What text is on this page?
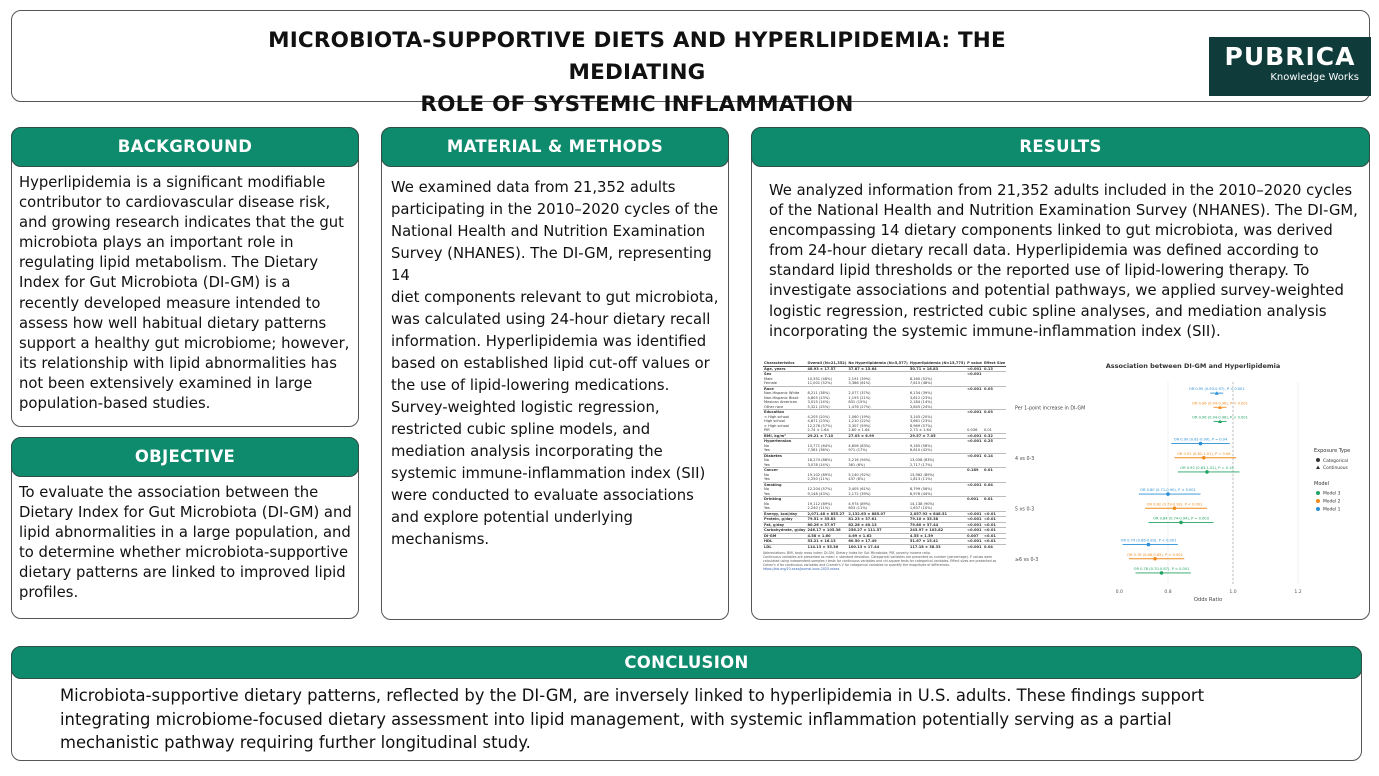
MICROBIOTA-SUPPORTIVE DIETS AND HYPERLIPIDEMIA: THE MEDIATING
ROLE OF SYSTEMIC INFLAMMATION
PUBRICA
Knowledge Works
BACKGROUND
Hyperlipidemia is a significant modifiable
contributor to cardiovascular disease risk,
and growing research indicates that the gut
microbiota plays an important role in
regulating lipid metabolism. The Dietary
Index for Gut Microbiota (DI-GM) is a
recently developed measure intended to
assess how well habitual dietary patterns
support a healthy gut microbiome; however,
its relationship with lipid abnormalities has
not been extensively examined in large
population-based studies.
OBJECTIVE
To evaluate the association between the
Dietary Index for Gut Microbiota (DI-GM) and
lipid abnormalities in a large population, and
to determine whether microbiota-supportive
dietary patterns are linked to improved lipid
profiles.
MATERIAL & METHODS
We examined data from 21,352 adults
participating in the 2010–2020 cycles of the
National Health and Nutrition Examination
Survey (NHANES). The DI-GM, representing 14
diet components relevant to gut microbiota,
was calculated using 24-hour dietary recall
information. Hyperlipidemia was identified
based on established lipid cut-off values or
the use of lipid-lowering medications.
Survey-weighted logistic regression,
restricted cubic spline models, and
mediation analysis incorporating the
systemic immune-inflammation index (SII)
were conducted to evaluate associations
and explore potential underlying
mechanisms.
RESULTS
We analyzed information from 21,352 adults included in the 2010–2020 cycles
of the National Health and Nutrition Examination Survey (NHANES). The DI-GM,
encompassing 14 dietary components linked to gut microbiota, was derived
from 24-hour dietary recall data. Hyperlipidemia was defined according to
standard lipid thresholds or the reported use of lipid-lowering therapy. To
investigate associations and potential pathways, we applied survey-weighted
logistic regression, restricted cubic spline analyses, and mediation analysis
incorporating the systemic immune-inflammation index (SII).
Characteristics	Overall (N=21,352)	No Hyperlipidemia (N=5,577)	Hyperlipidemia (N=15,775)	P value	Effect Size
Age, years	48.93 ± 17.57	37.87 ± 15.64	50.71 ± 16.83	<0.001	0.13
Sex				<0.001	
Male	10,351 (48%)	2,191 (39%)	8,160 (52%)		
Female	11,001 (52%)	3,386 (61%)	7,615 (48%)		
Race				<0.001	0.03
Non-Hispanic White	8,211 (38%)	2,077 (37%)	6,134 (39%)		
Non-Hispanic Black	4,805 (23%)	1,193 (21%)	3,612 (23%)		
Mexican American	3,015 (14%)	831 (15%)	2,184 (14%)		
Other race	5,321 (25%)	1,476 (27%)	3,845 (24%)		
Education				<0.001	0.03
< High school	4,205 (20%)	1,060 (19%)	3,145 (20%)		
High school	4,871 (23%)	1,210 (22%)	3,661 (23%)		
> High school	12,276 (57%)	3,307 (59%)	8,969 (57%)		
PIR	2.74 ± 1.64	2.80 ± 1.64	2.73 ± 1.64	0.036	0.01
BMI, kg/m²	29.21 ± 7.10	27.03 ± 6.99	29.57 ± 7.05	<0.001	0.32
Hypertension				<0.001	0.25
No	13,771 (64%)	4,606 (83%)	9,165 (58%)		
Yes	7,581 (36%)	971 (17%)	6,610 (42%)		
Diabetes				<0.001	0.14
No	18,274 (86%)	5,216 (94%)	13,058 (83%)		
Yes	3,078 (14%)	361 (6%)	2,717 (17%)		
Cancer				0.189	0.01
No	19,102 (89%)	5,140 (92%)	13,962 (89%)		
Yes	2,250 (11%)	437 (8%)	1,813 (11%)		
Smoking				<0.001	0.04
No	12,204 (57%)	3,405 (61%)	8,799 (56%)		
Yes	9,148 (43%)	2,172 (39%)	6,976 (44%)		
Drinking				0.001	0.01
No	19,112 (89%)	4,974 (89%)	14,138 (90%)		
Yes	2,240 (11%)	603 (11%)	1,637 (10%)		
Energy, kcal/day	2,071.48 ± 855.27	2,132.63 ± 885.07	2,057.92 ± 848.51	<0.001	<0.01
Protein, g/day	79.51 ± 35.83	81.23 ± 37.61	79.10 ± 35.38	<0.001	<0.01
Fat, g/day	80.26 ± 37.97	82.28 ± 40.13	79.80 ± 37.44	<0.001	<0.01
Carbohydrate, g/day	246.17 ± 105.36	256.27 ± 111.57	243.97 ± 103.82	<0.001	<0.01
DI-GM	4.58 ± 1.60	4.69 ± 1.62	4.55 ± 1.59	0.007	<0.01
HDL	53.21 ± 16.13	60.50 ± 17.49	51.67 ± 15.41	<0.001	<0.01
LDL	114.13 ± 35.36	100.13 ± 17.44	117.18 ± 38.33	<0.001	0.04
Abbreviations: BMI, body mass index; DI-GM, Dietary Index for Gut Microbiota; PIR, poverty income ratio.
Continuous variables are presented as mean ± standard deviation. Categorical variables are presented as number (percentage). P values were
calculated using independent-samples t tests for continuous variables and chi-square tests for categorical variables. Effect sizes are presented as
Cohen's d for continuous variables and Cramér's V for categorical variables to quantify the magnitude of differences.
https://doi.org/10.xxxx/journal.xxxx.2025.xxxxx
Association between DI-GM and Hyperlipidemia
0.0	0.8	1.0	1.2
Per 1-point increase in DI-GM
OR 0.95 (0.93-0.97), P < 0.001
OR 0.96 (0.94-0.98), P < 0.001
OR 0.96 (0.94-0.98), P < 0.001
4 vs 0-3
OR 0.90 (0.81-0.99), P = 0.04
OR 0.91 (0.82-1.01), P = 0.08
OR 0.92 (0.83-1.02), P = 0.10
5 vs 0-3
OR 0.80 (0.71-0.90), P < 0.001
OR 0.82 (0.73-0.92), P < 0.001
OR 0.84 (0.74-0.94), P = 0.003
≥6 vs 0-3
OR 0.74 (0.66-0.83), P < 0.001
OR 0.76 (0.68-0.85), P < 0.001
OR 0.78 (0.70-0.87), P < 0.001
Odds Ratio
Exposure Type
Categorical
Continuous
Model
Model 3
Model 2
Model 1
CONCLUSION
Microbiota-supportive dietary patterns, reflected by the DI-GM, are inversely linked to hyperlipidemia in U.S. adults. These findings support
integrating microbiome-focused dietary assessment into lipid management, with systemic inflammation potentially serving as a partial
mechanistic pathway requiring further longitudinal study.
